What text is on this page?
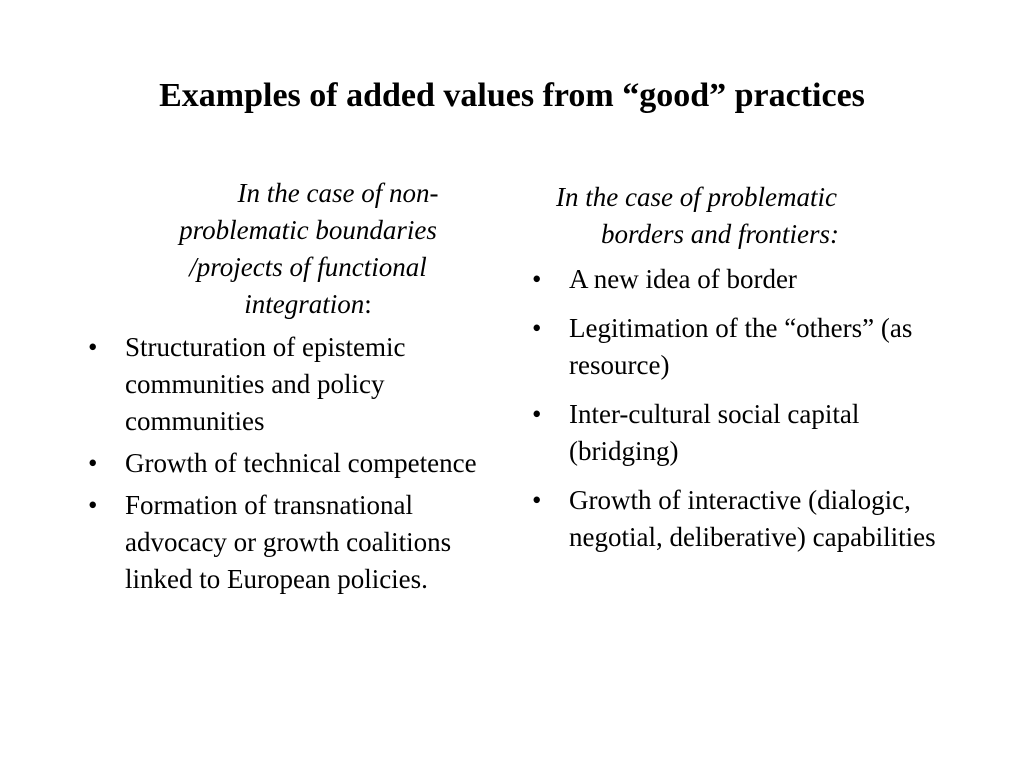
Examples of added values from “good” practices
In the case of non-
problematic boundaries
/projects of functional
integration:
•	Structuration of epistemic communities and policy communities
•	Growth of technical competence
•	Formation of transnational advocacy or growth coalitions linked to European policies.
In the case of problematic
borders and frontiers:
•	A new idea of border
•	Legitimation of the “others” (as resource)
•	Inter-cultural social capital (bridging)
•	Growth of interactive (dialogic, negotial, deliberative) capabilities
